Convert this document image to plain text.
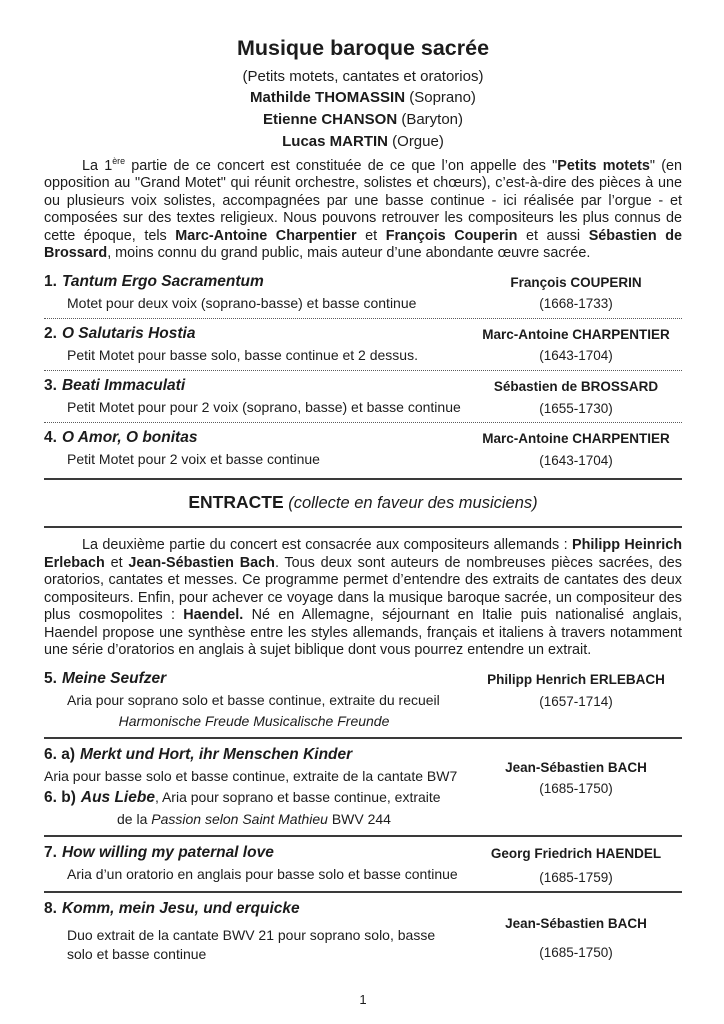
Musique baroque sacrée
(Petits motets, cantates et oratorios)
Mathilde THOMASSIN (Soprano)
Etienne CHANSON (Baryton)
Lucas MARTIN (Orgue)

La 1ère partie de ce concert est constituée de ce que l’on appelle des "Petits motets" (en opposition au "Grand Motet" qui réunit orchestre, solistes et chœurs), c’est-à-dire des pièces à une ou plusieurs voix solistes, accompagnées par une basse continue - ici réalisée par l’orgue - et composées sur des textes religieux. Nous pouvons retrouver les compositeurs les plus connus de cette époque, tels Marc-Antoine Charpentier et François Couperin et aussi Sébastien de Brossard, moins connu du grand public, mais auteur d’une abondante œuvre sacrée.

1. Tantum Ergo Sacramentum
Motet pour deux voix (soprano-basse) et basse continue
François COUPERIN
(1668-1733)
2. O Salutaris Hostia
Petit Motet pour basse solo, basse continue et 2 dessus.
Marc-Antoine CHARPENTIER
(1643-1704)
3. Beati Immaculati
Petit Motet pour pour 2 voix (soprano, basse) et basse continue
Sébastien de BROSSARD
(1655-1730)
4. O Amor, O bonitas
Petit Motet pour 2 voix et basse continue
Marc-Antoine CHARPENTIER
(1643-1704)
ENTRACTE (collecte en faveur des musiciens)

La deuxième partie du concert est consacrée aux compositeurs allemands : Philipp Heinrich Erlebach et Jean-Sébastien Bach. Tous deux sont auteurs de nombreuses pièces sacrées, des oratorios, cantates et messes. Ce programme permet d’entendre des extraits de cantates des deux compositeurs. Enfin, pour achever ce voyage dans la musique baroque sacrée, un compositeur des plus cosmopolites : Haendel. Né en Allemagne, séjournant en Italie puis nationalisé anglais, Haendel propose une synthèse entre les styles allemands, français et italiens à travers notamment une série d’oratorios en anglais à sujet biblique dont vous pourrez entendre un extrait.

5. Meine Seufzer
Aria pour soprano solo et basse continue, extraite du recueil
Harmonische Freude Musicalische Freunde
Philipp Henrich ERLEBACH
(1657-1714)
6. a) Merkt und Hort, ihr Menschen Kinder
Aria pour basse solo et basse continue, extraite de la cantate BW7
6. b) Aus Liebe, Aria pour soprano et basse continue, extraite
de la Passion selon Saint Mathieu BWV 244
Jean-Sébastien BACH
(1685-1750)
7. How willing my paternal love
Aria d’un oratorio en anglais pour basse solo et basse continue
Georg Friedrich HAENDEL
(1685-1759)
8. Komm, mein Jesu, und erquicke
Duo extrait de la cantate BWV 21 pour soprano solo, basse solo et basse continue
Jean-Sébastien BACH
(1685-1750)
1
